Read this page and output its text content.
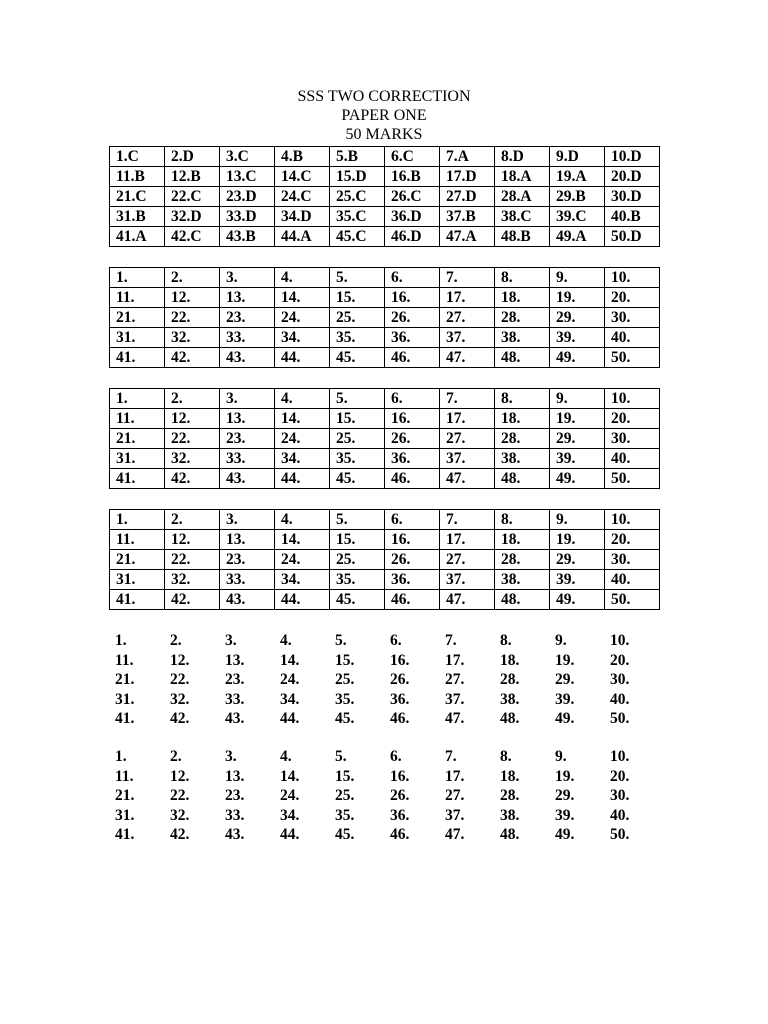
SSS TWO CORRECTION
PAPER ONE
50 MARKS
1.C	2.D	3.C	4.B	5.B	6.C	7.A	8.D	9.D	10.D
11.B	12.B	13.C	14.C	15.D	16.B	17.D	18.A	19.A	20.D
21.C	22.C	23.D	24.C	25.C	26.C	27.D	28.A	29.B	30.D
31.B	32.D	33.D	34.D	35.C	36.D	37.B	38.C	39.C	40.B
41.A	42.C	43.B	44.A	45.C	46.D	47.A	48.B	49.A	50.D
1.	2.	3.	4.	5.	6.	7.	8.	9.	10.
11.	12.	13.	14.	15.	16.	17.	18.	19.	20.
21.	22.	23.	24.	25.	26.	27.	28.	29.	30.
31.	32.	33.	34.	35.	36.	37.	38.	39.	40.
41.	42.	43.	44.	45.	46.	47.	48.	49.	50.
1.	2.	3.	4.	5.	6.	7.	8.	9.	10.
11.	12.	13.	14.	15.	16.	17.	18.	19.	20.
21.	22.	23.	24.	25.	26.	27.	28.	29.	30.
31.	32.	33.	34.	35.	36.	37.	38.	39.	40.
41.	42.	43.	44.	45.	46.	47.	48.	49.	50.
1.	2.	3.	4.	5.	6.	7.	8.	9.	10.
11.	12.	13.	14.	15.	16.	17.	18.	19.	20.
21.	22.	23.	24.	25.	26.	27.	28.	29.	30.
31.	32.	33.	34.	35.	36.	37.	38.	39.	40.
41.	42.	43.	44.	45.	46.	47.	48.	49.	50.
1.	2.	3.	4.	5.	6.	7.	8.	9.	10.
11.	12.	13.	14.	15.	16.	17.	18.	19.	20.
21.	22.	23.	24.	25.	26.	27.	28.	29.	30.
31.	32.	33.	34.	35.	36.	37.	38.	39.	40.
41.	42.	43.	44.	45.	46.	47.	48.	49.	50.
1.	2.	3.	4.	5.	6.	7.	8.	9.	10.
11.	12.	13.	14.	15.	16.	17.	18.	19.	20.
21.	22.	23.	24.	25.	26.	27.	28.	29.	30.
31.	32.	33.	34.	35.	36.	37.	38.	39.	40.
41.	42.	43.	44.	45.	46.	47.	48.	49.	50.
